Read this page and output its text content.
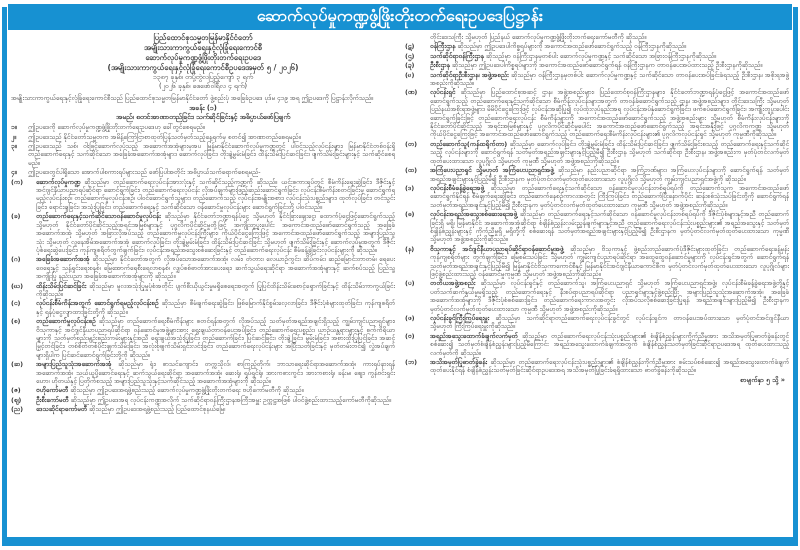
ဆောက်လုပ်မှုကဏ္ဍဖွံ့ဖြိုးတိုးတက်ရေးဥပဒေပြဋ္ဌာန်း
ပြည်ထောင်စုသမ္မတမြန်မာနိုင်ငံတော်
အမျိုးသားကာကွယ်ရေးနှင့်လုံခြုံရေးကောင်စီ
ဆောက်လုပ်မှုကဏ္ဍဖွံ့ဖြိုးတိုးတက်ရေးဥပဒေ
(အမျိုးသားကာကွယ်ရေးနှင့်လုံခြုံရေးကောင်စီဥပဒေအမှတ် ၅ / ၂၀၂၆)
၁၃၈၇ ခုနှစ်၊ တပို့တွဲလပြည့်ကျော် ၃ ရက်
(၂၀၂၆ ခုနှစ်၊ ဖေဖော်ဝါရီလ ၄ ရက်)
အမျိုးသားကာကွယ်ရေးနှင့်လုံခြုံရေးကောင်စီသည် ပြည်ထောင်စုသမ္မတမြန်မာနိုင်ငံတော် ဖွဲ့စည်းပုံ အခြေခံဥပဒေ ပုဒ်မ ၄၁၉ အရ ဤဥပဒေကို ပြဋ္ဌာန်းလိုက်သည်။
အခန်း (၁)
အမည်၊ စတင်အာဏာတည်ခြင်း၊ သက်ဆိုင်ခြင်းနှင့် အဓိပ္ပာယ်ဖော်ပြချက်
၁။	ဤဥပဒေကို ဆောက်လုပ်မှုကဏ္ဍဖွံ့ဖြိုးတိုးတက်ရေးဥပဒေဟု ခေါ်တွင်စေရမည်။
၂။	ဤဥပဒေသည် နိုင်ငံတော်သမ္မတက အမိန့်ကြော်ငြာစာထုတ်ပြန်သတ်မှတ်သည့်နေ့ရက်မှ စတင်၍ အာဏာတည်စေရမည်။
၃။	ဤဥပဒေသည် သစ်၊ ဝါးဖြင့်ဆောက်လုပ်သည့် အဆောက်အအုံများမှအပ မြန်မာနိုင်ငံဆောက်လုပ်မှုကဏ္ဍတွင် ပါဝင်သည့်လုပ်ငန်းများ၊ မြန်မာနိုင်ငံတစ်ဝန်းရှိ တည်ဆောက်ရေးနှင့် သက်ဆိုင်သော အခြေခံအဆောက်အအုံများ၊ ဆောက်လုပ်ခြင်း၊ တိုးချဲ့မွမ်းမံခြင်း၊ ထိန်းသိမ်းပြင်ဆင်ခြင်း၊ ဖျက်သိမ်းခြင်းများနှင့် သက်ဆိုင်စေရမည်။
၄။	ဤဥပဒေတွင်ပါရှိသော အောက်ပါစကားရပ်များသည် ဖော်ပြပါအတိုင်း အဓိပ္ပာယ်သက်ရောက်စေရမည်-
(က)	ဆောက်လုပ်မှုကဏ္ဍ ဆိုသည်မှာ တည်ဆောက်ရေးလုပ်ငန်းအားလုံးနှင့် သက်ဆိုင်သည့်ကဏ္ဍကို ဆိုသည်။ ယင်းစကားရပ်တွင် စီမံကိန်းရေးဆွဲခြင်း၊ ဒီဇိုင်းနှင့် အင်ဂျင်နီယာပညာရပ်ဆိုင်ရာ ဆောင်ရွက်ခြင်း၊ တည်ဆောက်ရေးလုပ်ငန်း လိုအပ်ချက်များဖြည့်ဆည်းဆောင်ရွက်ခြင်း၊ လုပ်ငန်းစီမံကိန်းစတင်ခြင်းမှ ဆောင်ရွက်ရမည့်လုပ်ငန်းစဉ်၊ တည်ဆောက်မှုလုပ်ငန်းစဉ်၊ ပါဝင်ဆောင်ရွက်သူများ၊ တည်ဆောက်သည့် လုပ်ငန်းအမျိုးအစား၊ လုပ်ငန်းသုံးပစ္စည်းများ၊ ထုတ်လုပ်ခြင်း၊ တင်သွင်းခြင်း၊ ရောင်းချခြင်း၊ အသုံးပြုခြင်း၊ တည်ဆောက်ရေးနှင့် သက်ဆိုင်သော ဝန်ဆောင်မှုလုပ်ငန်းများ ဆောင်ရွက်ခြင်းတို့ ပါဝင်သည်။
(ခ)	တည်ဆောက်ရေးနှင့်သက်ဆိုင်သောဝန်ဆောင်မှုလုပ်ငန်း ဆိုသည်မှာ နိုင်ငံတော်ဘဏ္ဍာရန်ပုံငွေ သို့မဟုတ် နိုင်ငံခြားချေးငွေ၊ ထောက်ပံ့ငွေဖြင့်ဆောင်ရွက်သည့် သို့မဟုတ် နိုင်ငံတော်ပိုင်ဆိုင်သည့်အရင်းအမြစ်များနှင့် ပုဂ္ဂလိကပိုင်ဆိုင်မှုတို့ဖြင့် အကျိုးတူပူးပေါင်း အကောင်အထည်ဖော်ဆောင်ရွက်သည့် အခြေခံအဆောက်အအုံ သို့မဟုတ် အခြားလိုအပ်သည့် တည်ဆောက်မှုလုပ်ငန်းကြီးများ၊ ကိုယ်ပိုင်ငွေကြေးဖြင့် အကောင်အထည်ဖော်ဆောင်ရွက်သည့် အများပြည်သူသုံး သို့မဟုတ် လူနေအိမ်အဆောက်အအုံ ဆောက်လုပ်ခြင်း၊ တိုးချဲ့မွမ်းမံခြင်း၊ ထိန်းသိမ်းပြင်ဆင်ခြင်း သို့မဟုတ် ဖျက်သိမ်းခြင်းနှင့် ဆောက်လုပ်မှုအတွက် ဒီဇိုင်းပုံစံရေးဆွဲပေးခြင်း၊ ကုန်ကျစရိတ်တွက်ချက်ခြင်း၊ လုပ်ငန်းအရည်အသွေးစစ်ဆေးခြင်းနှင့် တည်ဆောက်ရေးလုပ်ငန်း စီမံခန့်ခွဲခြင်းလုပ်ငန်းများကို ဆိုသည်။
(ဂ)	အခြေခံအဆောက်အအုံ ဆိုသည်မှာ နိုင်ငံတော်အတွက် လိုအပ်သောအဆောက်အအုံ၊ လမ်း၊ တံတား၊ လေယာဉ်ကွင်း၊ ဆိပ်ကမ်း၊ ဆည်မြောင်းတာတမံ၊ ရေပေးဝေရေးနှင့် သန့်ရှင်းရေးစနစ်၊ မြေအောက်ရေစီးရေလာစနစ်၊ လျှပ်စစ်ဓာတ်အားပေးရေး၊ ဆက်သွယ်ရေးဆိုင်ရာ အဆောက်အအုံများနှင့် ဆက်စပ်သည့် ပြည်သူ့အကျိုးပြု နည်းပညာ အခြေခံအဆောက်အအုံများကို ဆိုသည်။
(ဃ)	ထိန်းသိမ်းပြင်ဆင်ခြင်း ဆိုသည်မှာ မူလအသုံးပြုမှုပုံစံအတိုင်း ပျက်စီးယိုယွင်းမှုမရှိစေရေးအတွက် ပြုပြင်ထိန်းသိမ်းစောင့်ရှောက်ခြင်းနှင့် ထိန်းသိမ်းကာကွယ်ခြင်းကိုဆိုသည်။
(င)	လုပ်ငန်းစီမံကိန်းအတွက် ဆောင်ရွက်ရမည့်လုပ်ငန်းစဉ် ဆိုသည်မှာ စီမံချက်ရေးဆွဲခြင်း၊ ဖြစ်မြောက်နိုင်စွမ်းလေ့လာခြင်း၊ ဒီဇိုင်းပုံစံများထုတ်ခြင်း၊ ကုန်ကျစရိတ်နှင့် ရန်ပုံငွေလျာထားခြင်းတို့ကို ဆိုသည်။
(စ)	တည်ဆောက်မှုလုပ်ငန်းစဉ် ဆိုသည်မှာ တည်ဆောက်ရေးစီမံကိန်းများ စတင်ရန်အတွက် လိုအပ်သည့် သတ်မှတ်အရည်အချင်းရှိသည့် ကျွမ်းကျင်ပညာရှင်များ၊ ဗိသုကာနှင့် အင်ဂျင်နီယာပညာရပ်ဆိုင်ရာ ဝန်ဆောင်မှုအဖွဲ့များအား ရွေးချယ်တာဝန်ပေးအပ်ခြင်း၊ တည်ဆောက်ရေးပစ္စည်း၊ ယာဉ်ယန္တရားများနှင့် စက်ကိရိယာများကို သတ်မှတ်စည်းမျဉ်းစည်းကမ်းများနှင့်အညီ ရွေးချယ်အသုံးပြုခြင်း၊ တည်ဆောက်ခြင်း၊ ပြင်ဆင်ခြင်း၊ တိုးချဲ့ခြင်း၊ မွမ်းမံခြင်း၊ အစားထိုးပြုပြင်ခြင်း၊ အဆင့်မြှင့်တင်ခြင်း၊ တစ်စိတ်တစ်ပိုင်းဖျက်သိမ်းခြင်း၊ အလုံးစုံဖျက်သိမ်းရှင်းလင်းခြင်း၊ တည်ဆောက်ရေးလုပ်ငန်းများ အပြီးသတ်ခြင်းနှင့် မှတ်တမ်းတင်၍ လွှဲအပ်ချက်များရှိပါက ပြင်ဆင်ဆောင်ရွက်ခြင်းတို့ကို ဆိုသည်။
(ဆ)	အများပြည်သူသုံးအဆောက်အအုံ ဆိုသည်မှာ ရုံး၊ စာသင်ကျောင်း၊ တက္ကသိုလ်၊ စာကြည့်တိုက်၊ ဘာသာရေးဆိုင်ရာအဆောက်အအုံ၊ ကားရပ်နားရန်အဆောက်အအုံ၊ သယ်ယူပို့ဆောင်ရေးနှင့် ဆက်သွယ်ရေးဆိုင်ရာ အဆောက်အအုံ၊ ဆေးရုံ၊ ရုပ်ရှင်ရုံ၊ အားကစားကွင်း၊ အားကစားရုံ၊ ခန်းမ၊ ဈေး၊ ကွန်ဗင်းရှင်းဟော၊ ဟိုတယ်နှင့် ပြတိုက်စသည့် အများပြည်သူသုံးနှင့်သက်ဆိုင်သည့် အဆောက်အအုံများကို ဆိုသည်။
(ဇ)	ဗဟိုကော်မတီ ဆိုသည်မှာ ဤဥပဒေအရဖွဲ့စည်းသည့် ဆောက်လုပ်မှုကဏ္ဍဖွံ့ဖြိုးတိုးတက်ရေး ဗဟိုကော်မတီကို ဆိုသည်။
(ဈ)	ဦးစီးကော်မတီ ဆိုသည်မှာ ဤဥပဒေအရ လုပ်ငန်းကဏ္ဍအလိုက် သက်ဆိုင်ရာဝန်ကြီးဌာနအကြီးအမှူး ဥက္ကဋ္ဌအဖြစ် ပါဝင်ဖွဲ့စည်းထားသည့်ကော်မတီကိုဆိုသည်။
(ည)	ဒေသဆိုင်ရာကော်မတီ ဆိုသည်မှာ ဤဥပဒေအရဖွဲ့စည်းသည့် ပြည်ထောင်စုနယ်မြေ၊
တိုင်းဒေသကြီး သို့မဟုတ် ပြည်နယ် ဆောက်လုပ်မှုကဏ္ဍဖွံ့ဖြိုးတိုးတက်ရေးကော်မတီကို ဆိုသည်။
(ဋ)	ဝန်ကြီးဌာန ဆိုသည်မှာ ဤဥပဒေပါကိစ္စရပ်များကို အကောင်အထည်ဖော်ဆောင်ရွက်သည့် ဝန်ကြီးဌာနကိုဆိုသည်။
(ဌ)	သက်ဆိုင်ရာဝန်ကြီးဌာန ဆိုသည်မှာ ဝန်ကြီးဌာနမှတစ်ပါး ဆောက်လုပ်မှုကဏ္ဍနှင့် သက်ဆိုင်သော အခြားဝန်ကြီးဌာနကိုဆိုသည်။
(ဍ)	ဦးစီးဌာန ဆိုသည်မှာ ဤဥပဒေပါကိစ္စရပ်များကို အကောင်အထည်ဖော်ဆောင်ရွက်ရန် ဝန်ကြီးဌာနက တာဝန်ပေးအပ်ထားသည့် ဦးစီးဌာနကိုဆိုသည်။
(ဎ)	သက်ဆိုင်ရာဦးစီးဌာန၊ အဖွဲ့အစည်း ဆိုသည်မှာ ဝန်ကြီးဌာနမှတစ်ပါး ဆောက်လုပ်မှုကဏ္ဍနှင့် သက်ဆိုင်သော တာဝန်ပေးအပ်ခြင်းခံရသည့် ဦးစီးဌာန၊ အစိုးရအဖွဲ့အစည်းကိုဆိုသည်။
(ဏ)	လုပ်ငန်းရှင် ဆိုသည်မှာ ပြည်ထောင်စုအဆင့် ဌာန၊ အဖွဲ့အစည်းများ၊ ပြည်ထောင်စုဝန်ကြီးဌာနများ၊ နိုင်ငံတော်ဘဏ္ဍာရန်ပုံငွေဖြင့် အကောင်အထည်ဖော်ဆောင်ရွက်သည့် တည်ဆောက်ရေးနှင့်သက်ဆိုင်သော စီမံကိန်းလုပ်ငန်းများအတွက် တာဝန်ခံဆောင်ရွက်သည့် ဌာန၊ အဖွဲ့အစည်းများ၊ တိုင်းဒေသကြီး သို့မဟုတ် ပြည်နယ်အစိုးရအဖွဲ့များ၊ မိမိပိုင်ငွေကြေးဖြင့် လုပ်ငန်းအဆိုပြု၍ လုပ်ထုံးလုပ်နည်းအရ လုပ်ငန်းအပ်နှံဆောင်ရွက်ခြင်း၊ ဖက်စပ်ဆောင်ရွက်ခြင်း၊ အကျိုးတူပူးပေါင်းဆောင်ရွက်ခြင်းဖြင့် တည်ဆောက်ရေးလုပ်ငန်း စီမံကိန်းများကို အကောင်အထည်ဖော်ဆောင်ရွက်သည့် အဖွဲ့အစည်းများ သို့မဟုတ် စီမံကိန်းလုပ်ငန်းများကို နိုင်ငံတော်ပိုင်ဆိုင်သည့် အရင်းအမြစ်များနှင့် ပုဂ္ဂလိကပိုင်ဆိုင်မှုပေါင်း အကောင်အထည်ဖော်ဆောင်ရွက်သည့် အရင်းအနှီးဖြင့် ပုဂ္ဂလိကကဏ္ဍ သို့မဟုတ် ကိုယ်ပိုင်ငွေကြေးဖြင့် အကောင်အထည်ဖော်ဆောင်ရွက်သည့် တည်ဆောက်ရေးစီမံကိန်းလုပ်ငန်းများ၏ ပုဂ္ဂလိကလုပ်ငန်းရှင် သို့မဟုတ် ကုမ္ပဏီကိုဆိုသည်။
(တ)	တည်ဆောက်သူ(ကန်ထရိုက်တာ) ဆိုသည်မှာ ဆောက်လုပ်ခြင်း၊ တိုးချဲ့မွမ်းမံခြင်း၊ ထိန်းသိမ်းပြင်ဆင်ခြင်း၊ ဖျက်သိမ်းခြင်းစသည့် တည်ဆောက်ရေးနှင့်သက်ဆိုင်သည့် လုပ်ငန်းများကို ဆောင်ရွက်ရန် သတ်မှတ်အရည်အချင်းများနှင့်ပြည့်မီ၍ ဦးစီးဌာန သို့မဟုတ် သက်ဆိုင်ရာ ဦးစီးဌာန၊ အဖွဲ့အစည်းက မှတ်ပုံတင်လက်မှတ်ထုတ်ပေးထားသော လူပုဂ္ဂိုလ် သို့မဟုတ် ကုမ္ပဏီ သို့မဟုတ် အဖွဲ့အစည်းကိုဆိုသည်။
(ထ)	အကြံပေးပညာရှင် သို့မဟုတ် အကြံပေးပညာရှင်အဖွဲ့ ဆိုသည်မှာ နည်းပညာဆိုင်ရာ အကြံဉာဏ်များ၊ အကြံပေးလုပ်ငန်းများကို ဆောင်ရွက်ရန် သတ်မှတ်အရည်အချင်းများနှင့်ပြည့်မီ၍ ဦးစီးဌာနက မှတ်ပုံတင်လက်မှတ်ထုတ်ပေးထားသော လူပုဂ္ဂိုလ် သို့မဟုတ် ကျွမ်းကျင်ပညာရှင်အဖွဲ့ကို ဆိုသည်။
(ဒ)	လုပ်ငန်းစီမံခန့်ခွဲရေးအဖွဲ့ ဆိုသည်မှာ တည်ဆောက်ရေးနှင့်သက်ဆိုင်သော ဝန်ဆောင်မှုလုပ်ငန်းတစ်ရပ်ရပ်ကို တည်ဆောက်သူက အကောင်အထည်ဖော်ဆောင်ရွက်နိုင်ရန် စီမံချက်ရေးဆွဲခြင်း၊ တည်ဆောက်နေစဉ်ကာလအတွင်း ကြီးကြပ်ခြင်း၊ တည်ဆောက်ပြီးနောက်ပိုင်း ဆန်းစစ်သုံးသပ်ခြင်းတို့ကို ဆောင်ရွက်ရန် သတ်မှတ်အရည်အချင်းနှင့်ပြည့်မီ၍ ဦးစီးဌာနက မှတ်ပုံတင်လက်မှတ်ထုတ်ပေးထားသော ကုမ္ပဏီ သို့မဟုတ် အဖွဲ့အစည်းကိုဆိုသည်။
(ဓ)	လုပ်ငန်းအရည်အသွေးစစ်ဆေးရေးအဖွဲ့ ဆိုသည်မှာ တည်ဆောက်ရေးနှင့်သက်ဆိုင်သော ဝန်ဆောင်မှုလုပ်ငန်းတစ်ရပ်ရပ်ကို ဒီဇိုင်းပုံစံများနှင့်အညီ တည်ဆောက်ခြင်းရှိ မရှိ၊ မြန်မာနိုင်ငံ အဆောက်အအုံဆိုင်ရာ စံချိန်စံညွှန်းလမ်းညွှန်ချက်များနှင့်အညီ တည်ဆောက်ရေးလုပ်ငန်းသုံးပစ္စည်းများ၏ အရည်အသွေးနှင့် သတ်မှတ်စံချိန်စံညွှန်းများနှင့် ကိုက်ညီမှုရှိ မရှိတို့ကို စစ်ဆေးရန် သတ်မှတ်အရည်အချင်းများနှင့်ပြည့်မီ၍ ဦးစီးဌာနက မှတ်ပုံတင်လက်မှတ်ထုတ်ပေးထားသော ကုမ္ပဏီ သို့မဟုတ် အဖွဲ့အစည်းကိုဆိုသည်။
(န)	ဗိသုကာနှင့် အင်ဂျင်နီယာပညာရပ်ဆိုင်ရာဝန်ဆောင်မှုအဖွဲ့ ဆိုသည်မှာ ဗိသုကာနှင့် ဖွဲ့စည်းတည်ဆောက်ပုံဒီဇိုင်းများထုတ်ခြင်း၊ တည်ဆောက်ရေးခန့်မှန်းကုန်ကျစရိတ်များ တွက်ချက်ခြင်း၊ မြေစမ်းသပ်ခြင်း သို့မဟုတ် ကျွမ်းကျင်ပညာရပ်ဆိုင်ရာ အထွေထွေဝန်ဆောင်မှုများကို လုပ်ငန်းရှင်အတွက် ဆောင်ရွက်ရန် သတ်မှတ်အရည်အချင်းနှင့်ပြည့်မီ၍ မြန်မာနိုင်ငံဗိသုကာကောင်စီနှင့် မြန်မာနိုင်ငံအင်ဂျင်နီယာကောင်စီက မှတ်ပုံတင်လက်မှတ်ထုတ်ပေးထားသော လူပုဂ္ဂိုလ်များဖြင့်ဖွဲ့စည်းထားသည့် ဝန်ဆောင်မှုကုမ္ပဏီ သို့မဟုတ် အဖွဲ့အစည်းကိုဆိုသည်။
(ပ)	တတိယအဖွဲ့အစည်း ဆိုသည်မှာ လုပ်ငန်းရှင်နှင့် တည်ဆောက်သူ၊ အကြံပေးပညာရှင် သို့မဟုတ် အကြံပေးပညာရှင်အဖွဲ့၊ လုပ်ငန်းစီမံခန့်ခွဲရေးအဖွဲ့တို့နှင့် ပတ်သက်ဆက်နွှယ်မှုမရှိသည့် တည်ဆောက်ရေးနှင့် နီးစပ်ရာပညာရပ်ဆိုင်ရာ ပညာရှင်များနှင့်ဖွဲ့စည်းပြီး အများပြည်သူသုံးအဆောက်အအုံ၊ အခြေခံအဆောက်အအုံများကို ဒီဇိုင်းပုံစံစစ်ဆေးခြင်း၊ တည်ဆောက်ရေးကာလအတွင်း လိုအပ်သလိုစစ်ဆေးခြင်းပြုရန် အရည်အချင်းများပြည့်မီ၍ ဦးစီးဌာနက မှတ်ပုံတင်လက်မှတ်ထုတ်ပေးထားသော ကုမ္ပဏီ သို့မဟုတ် အဖွဲ့အစည်းကိုဆိုသည်။
(ဖ)	လုပ်ငန်းခွင်ကြီးကြပ်ရေးမှူး ဆိုသည်မှာ သက်ဆိုင်ရာတည်ဆောက်ရေးလုပ်ငန်းခွင်တွင် လုပ်ငန်းရှင်က တာဝန်ပေးအပ်ထားသော မှတ်ပုံတင်အင်ဂျင်နီယာ သို့မဟုတ် ကြီးကြပ်ရေးမှူးကိုဆိုသည်။
(ဗ)	အရည်အသွေးထောက်ခံချက်လက်မှတ် ဆိုသည်မှာ တည်ဆောက်ရေးလုပ်ငန်းသုံးပစ္စည်းများ၏ စံချိန်စံညွှန်းများကိုက်ညီမှုအား အသိအမှတ်ပြုဓာတ်ခွဲခန်းတွင် စစ်ဆေး၍ သတ်မှတ်စံချိန်စံညွှန်းများပြည့်မီကြောင်း အရည်အသွေးထောက်ခံချက်အတွက် စံချိန်စံညွှန်းသတ်မှတ်ခြင်းဆိုင်ရာဥပဒေအရ ထုတ်ပေးထားသည့်လက်မှတ်ကို ဆိုသည်။
(ဘ)	အသိအမှတ်ပြုဓာတ်ခွဲခန်း ဆိုသည်မှာ တည်ဆောက်ရေးလုပ်ငန်းသုံးပစ္စည်းများ၏ စံချိန်စံညွှန်းကိုက်ညီမှုအား စမ်းသပ်စစ်ဆေး၍ အရည်အသွေးထောက်ခံချက်ထုတ်ပေးနိုင်ရန် စံချိန်စံညွှန်းသတ်မှတ်ခြင်းဆိုင်ရာဥပဒေအရ အသိအမှတ်ပြုခြင်းခံရရှိထားသော ဓာတ်ခွဲခန်းကိုဆိုသည်။
စာမျက်နှာ ၅ သို့ »
